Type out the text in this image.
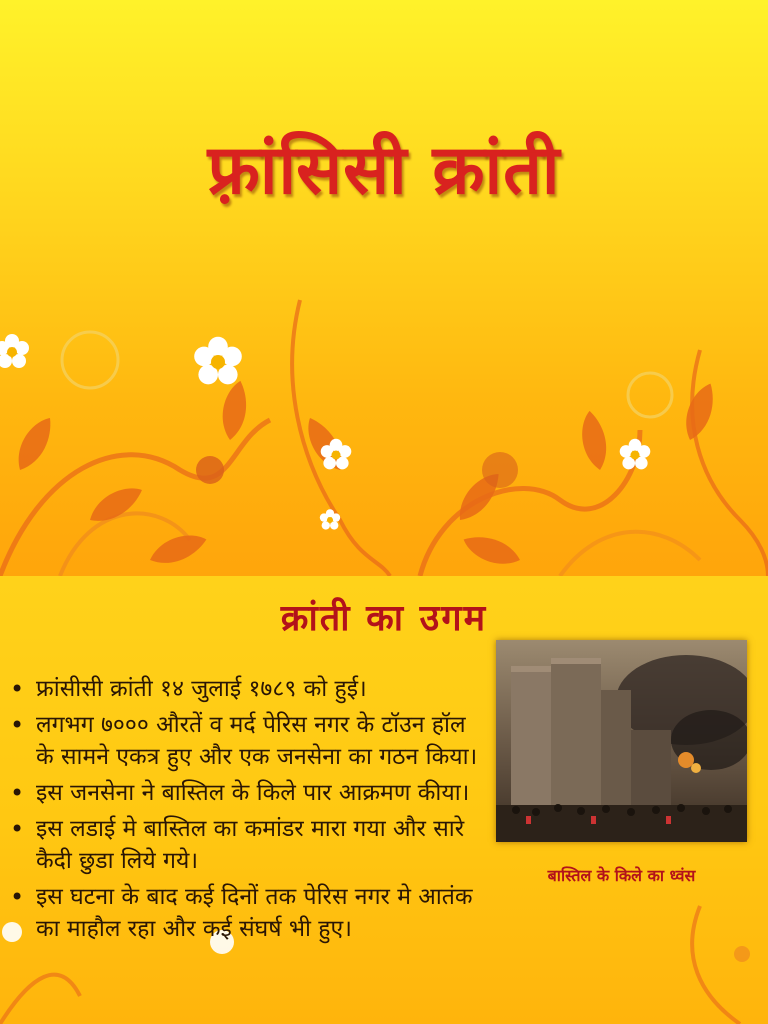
फ़्रांसिसी क्रांती
क्रांती का उगम
• फ्रांसीसी क्रांती १४ जुलाई १७८९ को हुई।
• लगभग ७००० औरतें व मर्द पेरिस नगर के टॉउन हॉल के सामने एकत्र हुए और एक जनसेना का गठन किया।
• इस जनसेना ने बास्तिल के किले पार आक्रमण कीया।
• इस लडाई मे बास्तिल का कमांडर मारा गया और सारे कैदी छुडा लिये गये।
• इस घटना के बाद कई दिनों तक पेरिस नगर मे आतंक का माहौल रहा और कई संघर्ष भी हुए।
बास्तिल के किले का ध्वंस
